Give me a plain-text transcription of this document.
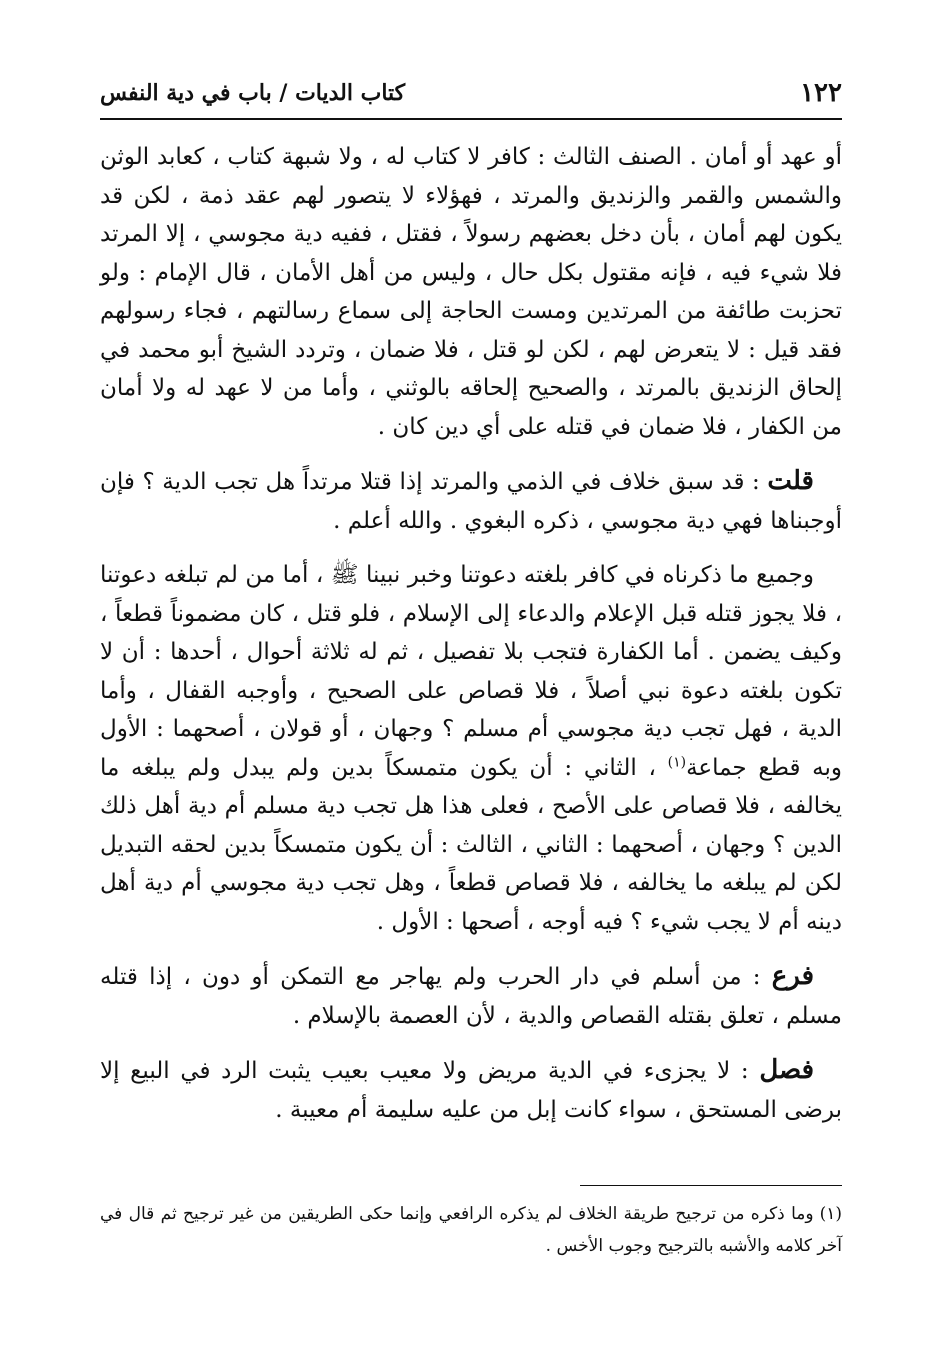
١٢٢
كتاب الديات / باب في دية النفس

أو عهد أو أمان . الصنف الثالث : كافر لا كتاب له ، ولا شبهة كتاب ، كعابد الوثن والشمس والقمر والزنديق والمرتد ، فهؤلاء لا يتصور لهم عقد ذمة ، لكن قد يكون لهم أمان ، بأن دخل بعضهم رسولاً ، فقتل ، ففيه دية مجوسي ، إلا المرتد فلا شيء فيه ، فإنه مقتول بكل حال ، وليس من أهل الأمان ، قال الإمام : ولو تحزبت طائفة من المرتدين ومست الحاجة إلى سماع رسالتهم ، فجاء رسولهم فقد قيل : لا يتعرض لهم ، لكن لو قتل ، فلا ضمان ، وتردد الشيخ أبو محمد في إلحاق الزنديق بالمرتد ، والصحيح إلحاقه بالوثني ، وأما من لا عهد له ولا أمان من الكفار ، فلا ضمان في قتله على أي دين كان .

قلت : قد سبق خلاف في الذمي والمرتد إذا قتلا مرتداً هل تجب الدية ؟ فإن أوجبناها فهي دية مجوسي ، ذكره البغوي . والله أعلم .

وجميع ما ذكرناه في كافر بلغته دعوتنا وخبر نبينا ﷺ ، أما من لم تبلغه دعوتنا ، فلا يجوز قتله قبل الإعلام والدعاء إلى الإسلام ، فلو قتل ، كان مضموناً قطعاً ، وكيف يضمن . أما الكفارة فتجب بلا تفصيل ، ثم له ثلاثة أحوال ، أحدها : أن لا تكون بلغته دعوة نبي أصلاً ، فلا قصاص على الصحيح ، وأوجبه القفال ، وأما الدية ، فهل تجب دية مجوسي أم مسلم ؟ وجهان ، أو قولان ، أصحهما : الأول وبه قطع جماعة$^{(١)}$ ، الثاني : أن يكون متمسكاً بدين ولم يبدل ولم يبلغه ما يخالفه ، فلا قصاص على الأصح ، فعلى هذا هل تجب دية مسلم أم دية أهل ذلك الدين ؟ وجهان ، أصحهما : الثاني ، الثالث : أن يكون متمسكاً بدين لحقه التبديل لكن لم يبلغه ما يخالفه ، فلا قصاص قطعاً ، وهل تجب دية مجوسي أم دية أهل دينه أم لا يجب شيء ؟ فيه أوجه ، أصحها : الأول .

فرع : من أسلم في دار الحرب ولم يهاجر مع التمكن أو دون ، إذا قتله مسلم ، تعلق بقتله القصاص والدية ، لأن العصمة بالإسلام .

فصل : لا يجزىء في الدية مريض ولا معيب بعيب يثبت الرد في البيع إلا برضى المستحق ، سواء كانت إبل من عليه سليمة أم معيبة .

(١)وما ذكره من ترجيح طريقة الخلاف لم يذكره الرافعي وإنما حكى الطريقين من غير ترجيح ثم قال في آخر كلامه والأشبه بالترجيح وجوب الأخس .
